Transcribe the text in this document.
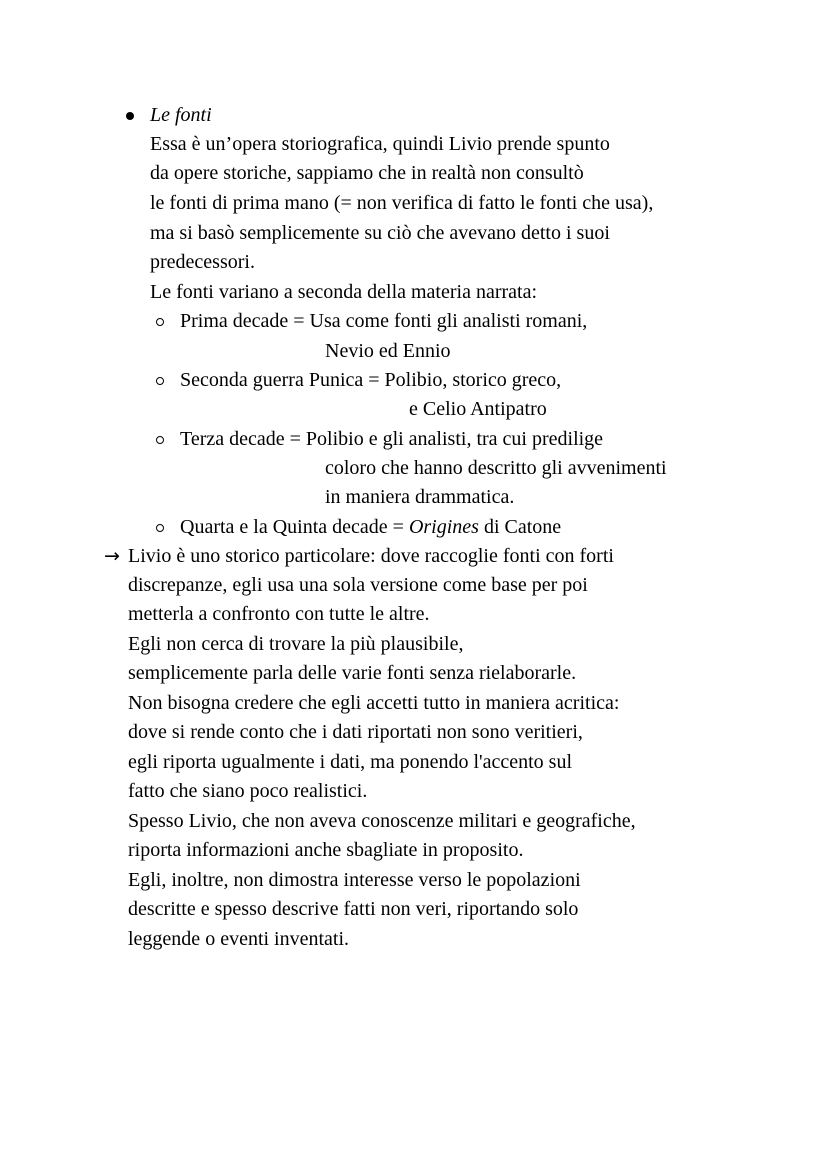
Le fonti
Essa è un’opera storiografica, quindi Livio prende spunto
da opere storiche, sappiamo che in realtà non consultò
le fonti di prima mano (= non verifica di fatto le fonti che usa),
ma si basò semplicemente su ciò che avevano detto i suoi
predecessori.
Le fonti variano a seconda della materia narrata:
Prima decade = Usa come fonti gli analisti romani,
Nevio ed Ennio
Seconda guerra Punica = Polibio, storico greco,
e Celio Antipatro
Terza decade = Polibio e gli analisti, tra cui predilige
coloro che hanno descritto gli avvenimenti
in maniera drammatica.
Quarta e la Quinta decade = Origines di Catone
→ Livio è uno storico particolare: dove raccoglie fonti con forti
discrepanze, egli usa una sola versione come base per poi
metterla a confronto con tutte le altre.
Egli non cerca di trovare la più plausibile,
semplicemente parla delle varie fonti senza rielaborarle.
Non bisogna credere che egli accetti tutto in maniera acritica:
dove si rende conto che i dati riportati non sono veritieri,
egli riporta ugualmente i dati, ma ponendo l'accento sul
fatto che siano poco realistici.
Spesso Livio, che non aveva conoscenze militari e geografiche,
riporta informazioni anche sbagliate in proposito.
Egli, inoltre, non dimostra interesse verso le popolazioni
descritte e spesso descrive fatti non veri, riportando solo
leggende o eventi inventati.
